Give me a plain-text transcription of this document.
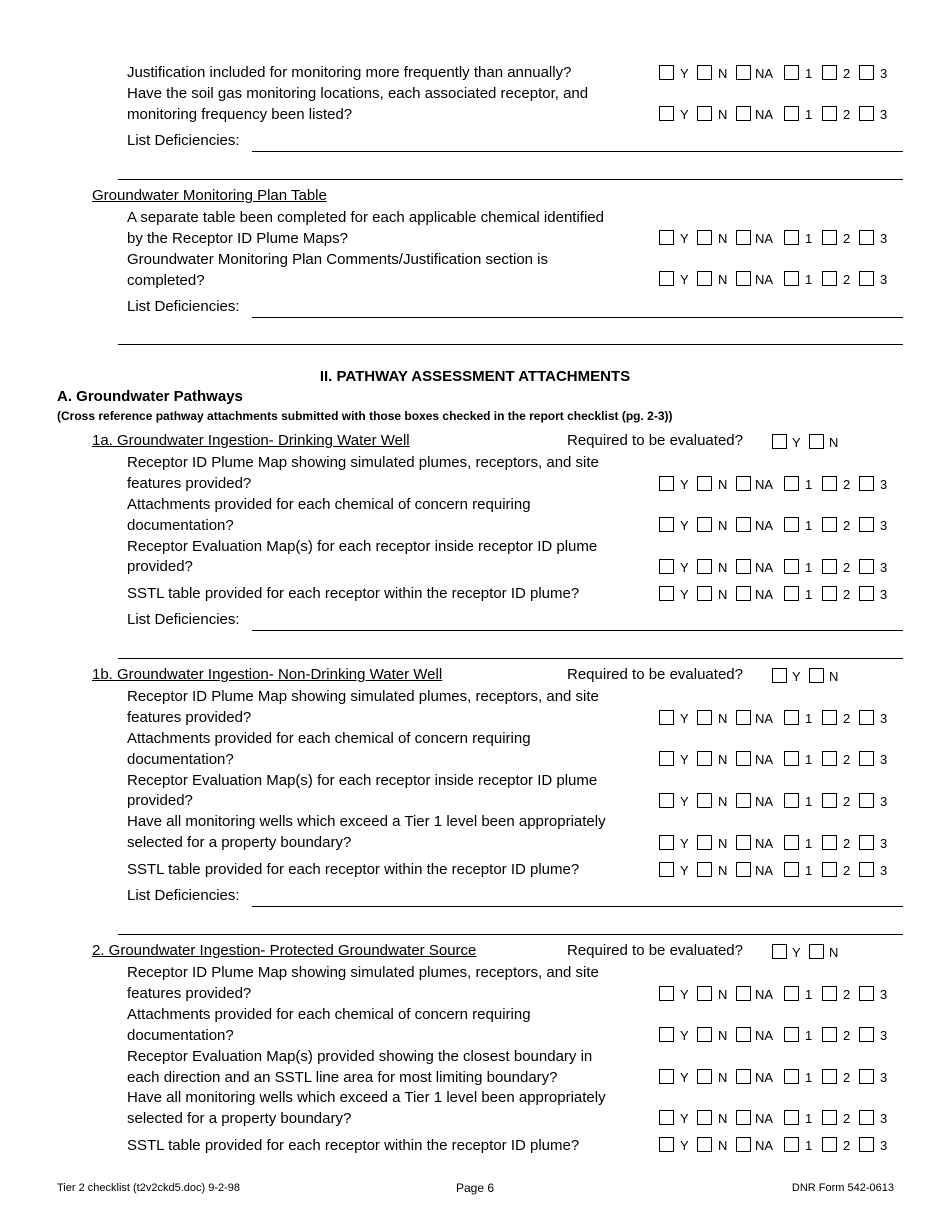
Justification included for monitoring more frequently than annually?	Y N NA 1 2 3
Have the soil gas monitoring locations, each associated receptor, and
monitoring frequency been listed?	Y N NA 1 2 3
List Deficiencies:
Groundwater Monitoring Plan Table
A separate table been completed for each applicable chemical identified
by the Receptor ID Plume Maps?	Y N NA 1 2 3
Groundwater Monitoring Plan Comments/Justification section is
completed?	Y N NA 1 2 3
List Deficiencies:
II. PATHWAY ASSESSMENT ATTACHMENTS
A. Groundwater Pathways
(Cross reference pathway attachments submitted with those boxes checked in the report checklist (pg. 2-3))
1a. Groundwater Ingestion- Drinking Water Well	Required to be evaluated?	Y N
Receptor ID Plume Map showing simulated plumes, receptors, and site
features provided?	Y N NA 1 2 3
Attachments provided for each chemical of concern requiring
documentation?	Y N NA 1 2 3
Receptor Evaluation Map(s) for each receptor inside receptor ID plume
provided?	Y N NA 1 2 3
SSTL table provided for each receptor within the receptor ID plume?	Y N NA 1 2 3
List Deficiencies:
1b. Groundwater Ingestion- Non-Drinking Water Well	Required to be evaluated?	Y N
Receptor ID Plume Map showing simulated plumes, receptors, and site
features provided?	Y N NA 1 2 3
Attachments provided for each chemical of concern requiring
documentation?	Y N NA 1 2 3
Receptor Evaluation Map(s) for each receptor inside receptor ID plume
provided?	Y N NA 1 2 3
Have all monitoring wells which exceed a Tier 1 level been appropriately
selected for a property boundary?	Y N NA 1 2 3
SSTL table provided for each receptor within the receptor ID plume?	Y N NA 1 2 3
List Deficiencies:
2. Groundwater Ingestion- Protected Groundwater Source	Required to be evaluated?	Y N
Receptor ID Plume Map showing simulated plumes, receptors, and site
features provided?	Y N NA 1 2 3
Attachments provided for each chemical of concern requiring
documentation?	Y N NA 1 2 3
Receptor Evaluation Map(s) provided showing the closest boundary in
each direction and an SSTL line area for most limiting boundary?	Y N NA 1 2 3
Have all monitoring wells which exceed a Tier 1 level been appropriately
selected for a property boundary?	Y N NA 1 2 3
SSTL table provided for each receptor within the receptor ID plume?	Y N NA 1 2 3
Tier 2 checklist (t2v2ckd5.doc) 9-2-98	Page 6	DNR Form 542-0613
